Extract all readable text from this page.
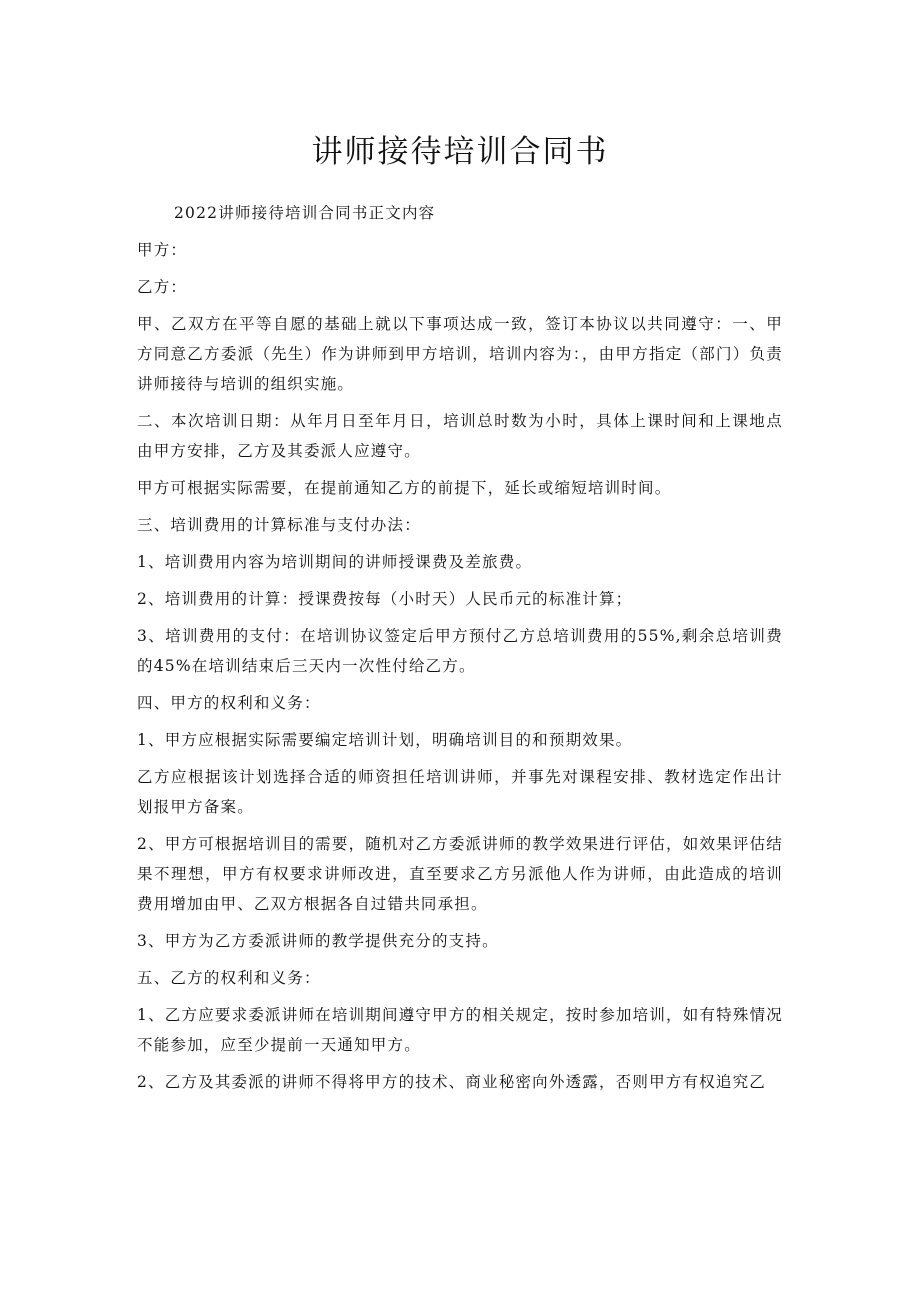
讲师接待培训合同书

2022讲师接待培训合同书正文内容

甲方：

乙方：

甲、乙双方在平等自愿的基础上就以下事项达成一致，签订本协议以共同遵守：一、甲方同意乙方委派（先生）作为讲师到甲方培训，培训内容为：，由甲方指定（部门）负责讲师接待与培训的组织实施。

二、本次培训日期：从年月日至年月日，培训总时数为小时，具体上课时间和上课地点由甲方安排，乙方及其委派人应遵守。

甲方可根据实际需要，在提前通知乙方的前提下，延长或缩短培训时间。

三、培训费用的计算标准与支付办法：

1、培训费用内容为培训期间的讲师授课费及差旅费。

2、培训费用的计算：授课费按每（小时天）人民币元的标准计算；

3、培训费用的支付：在培训协议签定后甲方预付乙方总培训费用的55%,剩余总培训费的45%在培训结束后三天内一次性付给乙方。

四、甲方的权利和义务：

1、甲方应根据实际需要编定培训计划，明确培训目的和预期效果。

乙方应根据该计划选择合适的师资担任培训讲师，并事先对课程安排、教材选定作出计划报甲方备案。

2、甲方可根据培训目的需要，随机对乙方委派讲师的教学效果进行评估，如效果评估结果不理想，甲方有权要求讲师改进，直至要求乙方另派他人作为讲师，由此造成的培训费用增加由甲、乙双方根据各自过错共同承担。

3、甲方为乙方委派讲师的教学提供充分的支持。

五、乙方的权利和义务：

1、乙方应要求委派讲师在培训期间遵守甲方的相关规定，按时参加培训，如有特殊情况不能参加，应至少提前一天通知甲方。

2、乙方及其委派的讲师不得将甲方的技术、商业秘密向外透露，否则甲方有权追究乙
